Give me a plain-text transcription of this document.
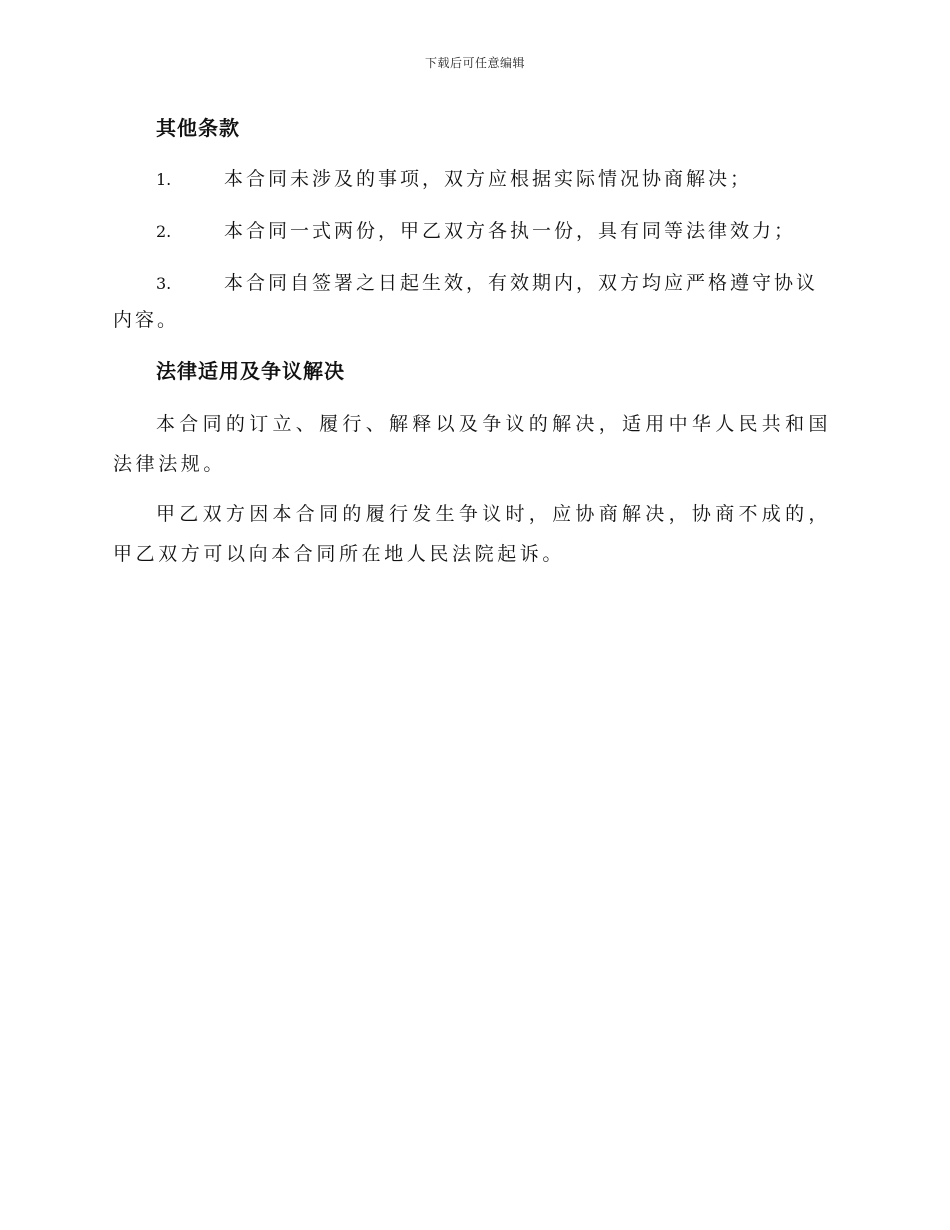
下载后可任意编辑
其他条款
1.	本合同未涉及的事项，双方应根据实际情况协商解决；
2.	本合同一式两份，甲乙双方各执一份，具有同等法律效力；
3.	本合同自签署之日起生效，有效期内，双方均应严格遵守协议内容。
法律适用及争议解决
本合同的订立、履行、解释以及争议的解决，适用中华人民共和国法律法规。
甲乙双方因本合同的履行发生争议时，应协商解决，协商不成的，甲乙双方可以向本合同所在地人民法院起诉。
